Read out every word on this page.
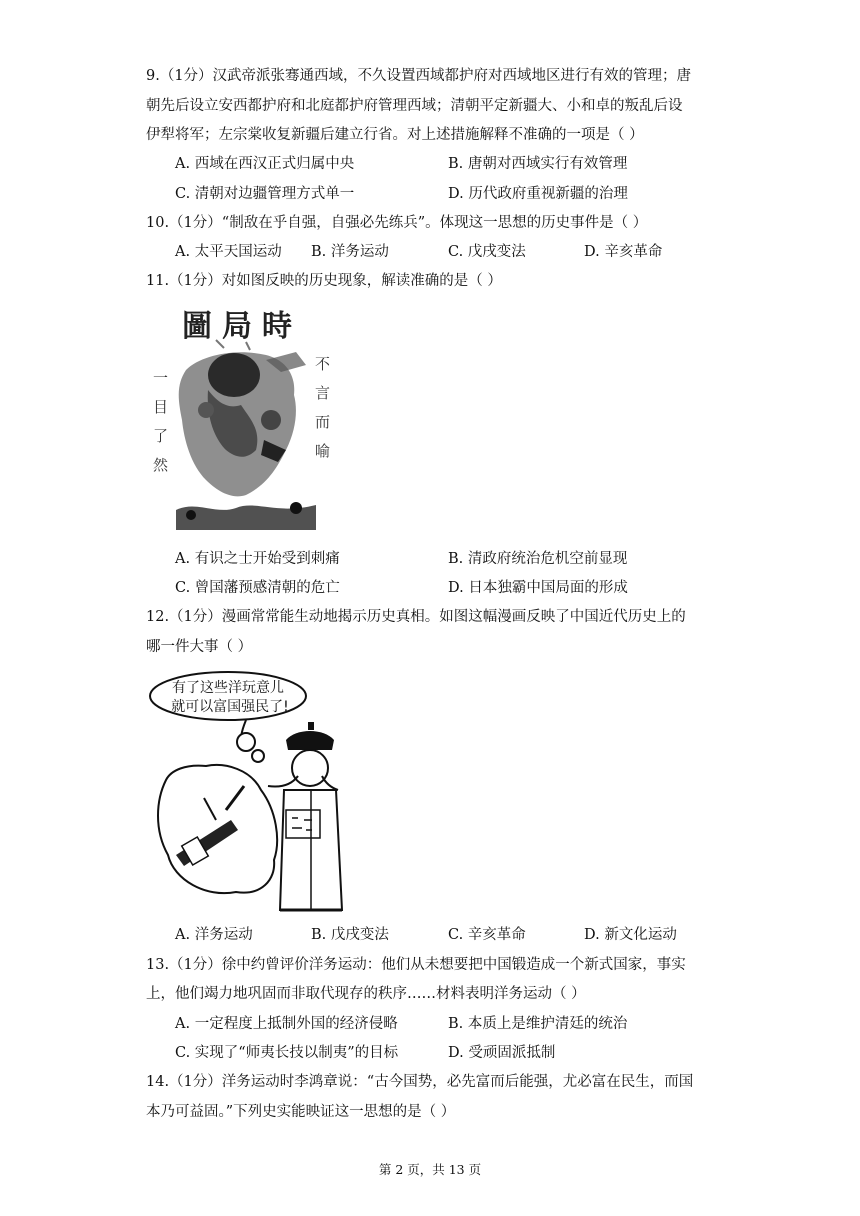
9.（1分）汉武帝派张骞通西域，不久设置西域都护府对西域地区进行有效的管理；唐
朝先后设立安西都护府和北庭都护府管理西域；清朝平定新疆大、小和卓的叛乱后设
伊犁将军；左宗棠收复新疆后建立行省。对上述措施解释不准确的一项是（ ）
A. 西域在西汉正式归属中央	B. 唐朝对西域实行有效管理
C. 清朝对边疆管理方式单一	D. 历代政府重视新疆的治理
10.（1分）“制敌在乎自强，自强必先练兵”。体现这一思想的历史事件是（ ）
A. 太平天国运动 B. 洋务运动	C. 戊戌变法	D. 辛亥革命
11.（1分）对如图反映的历史现象，解读准确的是（ ）
圖局時
一目了然	不言而喻
A. 有识之士开始受到刺痛	B. 清政府统治危机空前显现
C. 曾国藩预感清朝的危亡	D. 日本独霸中国局面的形成
12.（1分）漫画常常能生动地揭示历史真相。如图这幅漫画反映了中国近代历史上的
哪一件大事（ ）
有了这些洋玩意儿
就可以富国强民了!
A. 洋务运动	B. 戊戌变法	C. 辛亥革命	D. 新文化运动
13.（1分）徐中约曾评价洋务运动：他们从未想要把中国锻造成一个新式国家，事实
上，他们竭力地巩固而非取代现存的秩序……材料表明洋务运动（ ）
A. 一定程度上抵制外国的经济侵略	B. 本质上是维护清廷的统治
C. 实现了“师夷长技以制夷”的目标	D. 受顽固派抵制
14.（1分）洋务运动时李鸿章说：“古今国势，必先富而后能强，尤必富在民生，而国
本乃可益固。”下列史实能映证这一思想的是（ ）
第 2 页，共 13 页
